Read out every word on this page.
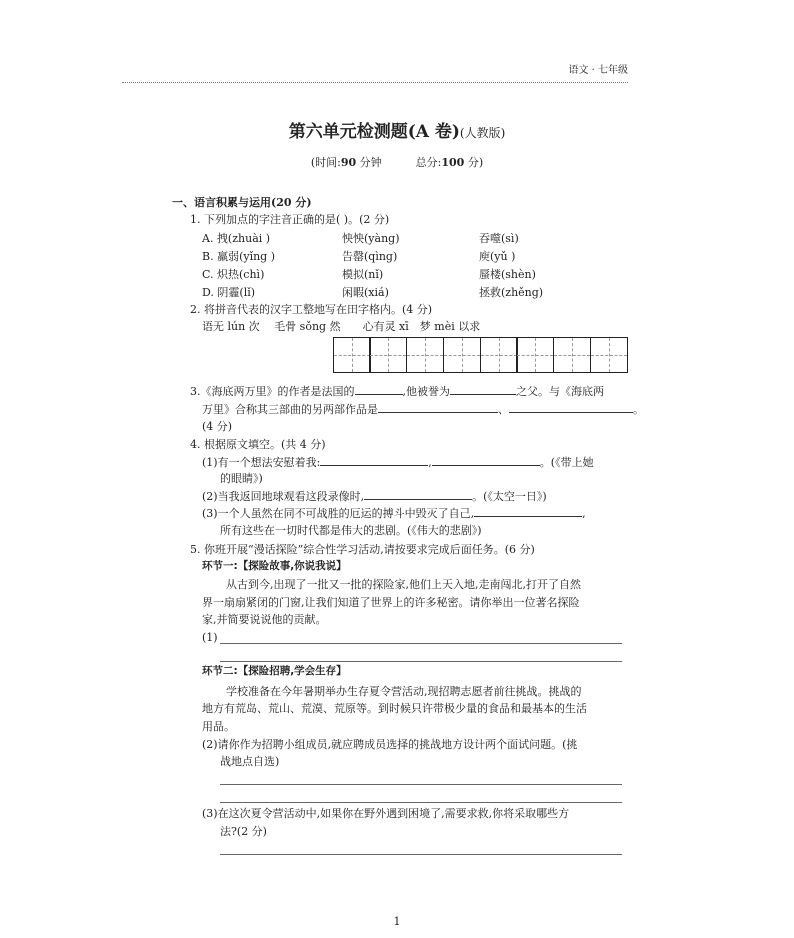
语文 · 七年级
第六单元检测题(A 卷)(人教版)
(时间:90 分钟	总分:100 分)
一、语言积累与运用(20 分)
1. 下列加点的字注音正确的是( )。(2 分)
A. 拽(zhuài )	怏怏(yàng)	吞噬(sì)
B. 羸弱(yǐng )	告罄(qìng)	庾(yǔ )
C. 炽热(chì)	模拟(nǐ)	蜃楼(shèn)
D. 阴霾(lǐ)	闲暇(xiá)	拯救(zhěng)
2. 将拼音代表的汉字工整地写在田字格内。(4 分)
语无 lún 次　 毛骨 sǒng 然　　心有灵 xī　梦 mèi 以求
3.《海底两万里》的作者是法国的	,他被誉为	之父。与《海底两
万里》合称其三部曲的另两部作品是	、	。
(4 分)
4. 根据原文填空。(共 4 分)
(1)有一个想法安慰着我:	,	。(《带上她
的眼睛》)
(2)当我返回地球观看这段录像时,	。(《太空一日》)
(3)一个人虽然在同不可战胜的厄运的搏斗中毁灭了自己,	,
所有这些在一切时代都是伟大的悲剧。(《伟大的悲剧》)
5. 你班开展“漫话探险”综合性学习活动,请按要求完成后面任务。(6 分)
环节一:【探险故事,你说我说】
从古到今,出现了一批又一批的探险家,他们上天入地,走南闯北,打开了自然
界一扇扇紧闭的门窗,让我们知道了世界上的许多秘密。请你举出一位著名探险
家,并简要说说他的贡献。
(1)
环节二:【探险招聘,学会生存】
学校准备在今年暑期举办生存夏令营活动,现招聘志愿者前往挑战。挑战的
地方有荒岛、荒山、荒漠、荒原等。到时候只许带极少量的食品和最基本的生活
用品。
(2)请你作为招聘小组成员,就应聘成员选择的挑战地方设计两个面试问题。(挑
战地点自选)
(3)在这次夏令营活动中,如果你在野外遇到困境了,需要求救,你将采取哪些方
法?(2 分)
1
